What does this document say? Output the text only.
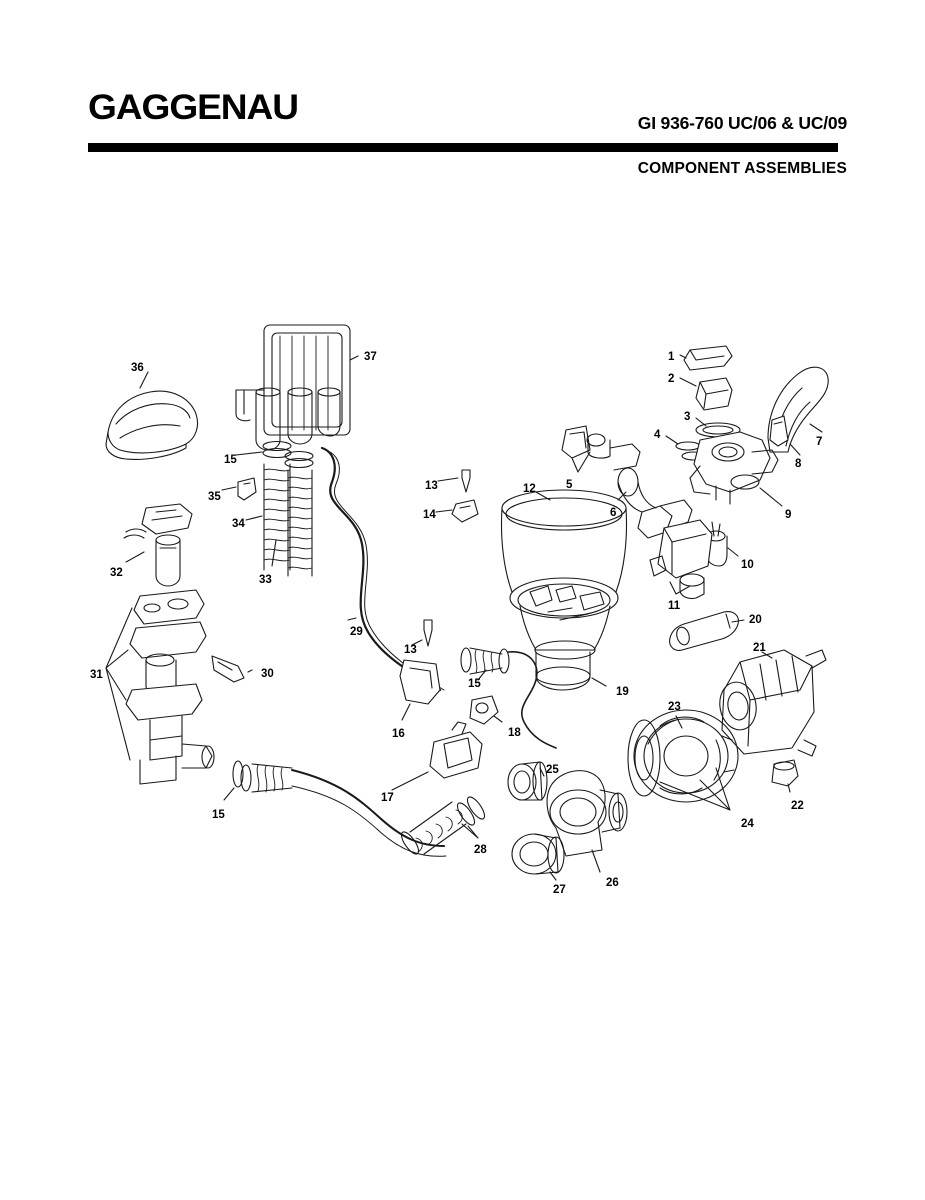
GAGGENAU	GI 936-760 UC/06 & UC/09
COMPONENT ASSEMBLIES
1
2
3
4
5
6
7
8
9
10
11
12
13
14
15
16
17
18
19
20
21
22
23
24
25
26
27
28
29
30
31
32
33
34
35
36
37
13
15
15
